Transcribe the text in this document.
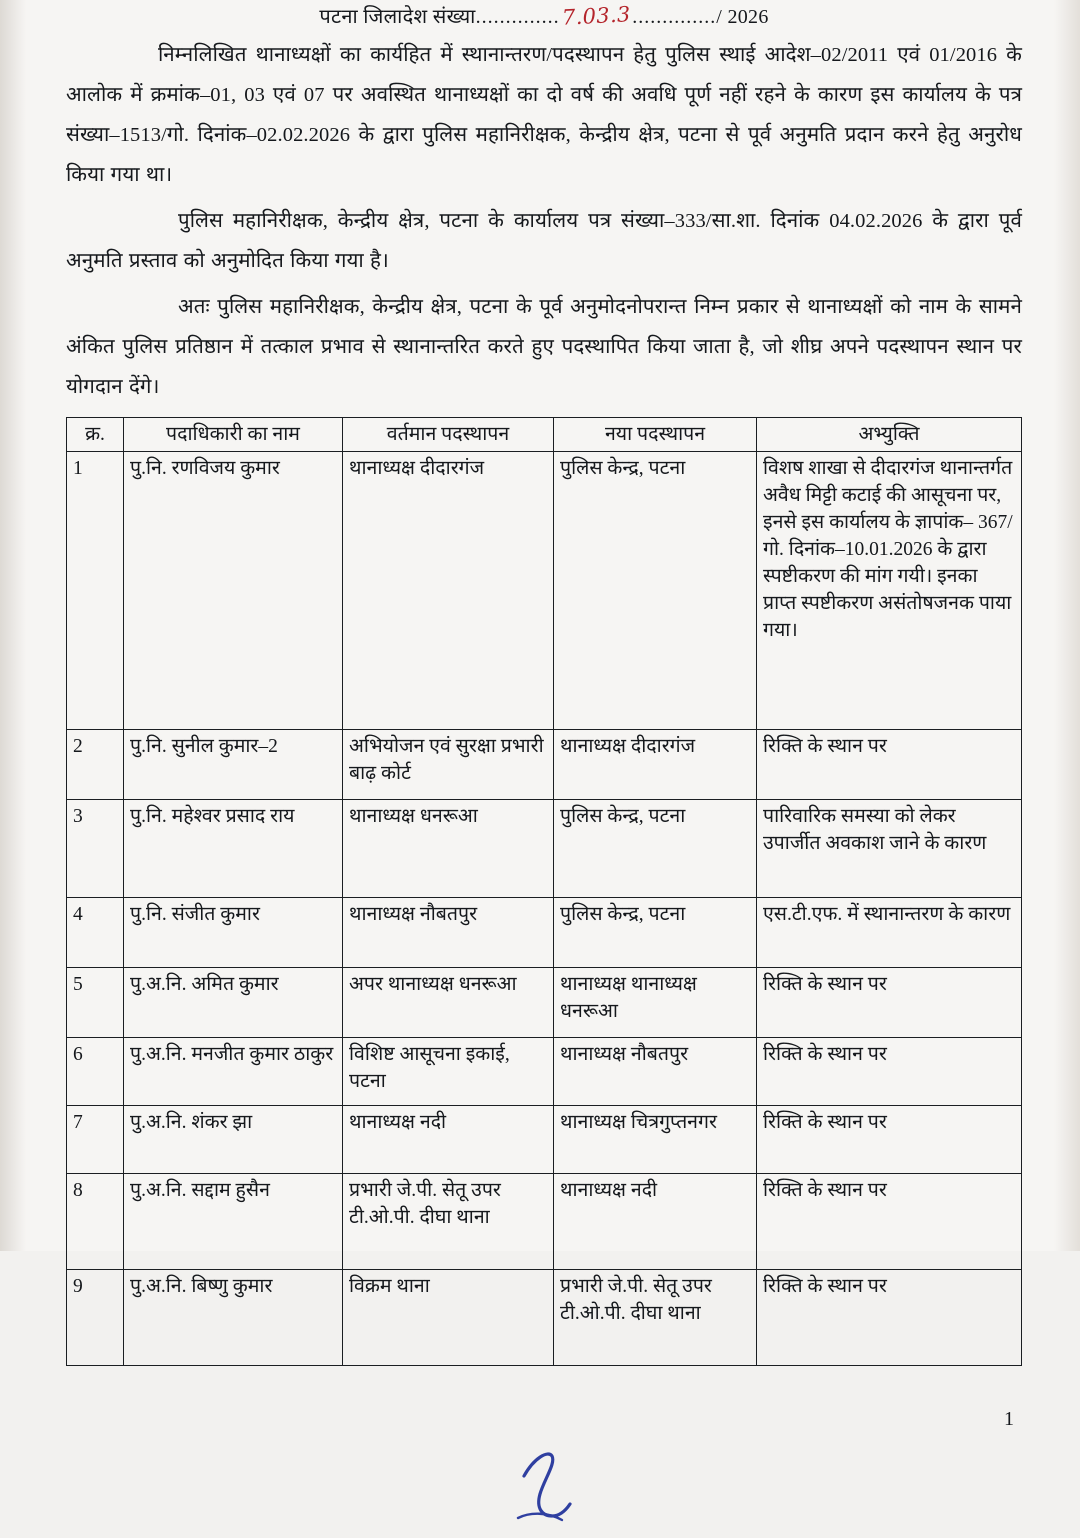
पटना जिलादेश संख्या..............7.03.3............../ 2026

निम्नलिखित थानाध्यक्षों का कार्यहित में स्थानान्तरण/पदस्थापन हेतु पुलिस स्थाई आदेश–02/2011 एवं 01/2016 के आलोक में क्रमांक–01, 03 एवं 07 पर अवस्थित थानाध्यक्षों का दो वर्ष की अवधि पूर्ण नहीं रहने के कारण इस कार्यालय के पत्र संख्या–1513/गो. दिनांक–02.02.2026 के द्वारा पुलिस महानिरीक्षक, केन्द्रीय क्षेत्र, पटना से पूर्व अनुमति प्रदान करने हेतु अनुरोध किया गया था।

पुलिस महानिरीक्षक, केन्द्रीय क्षेत्र, पटना के कार्यालय पत्र संख्या–333/सा.शा. दिनांक 04.02.2026 के द्वारा पूर्व अनुमति प्रस्ताव को अनुमोदित किया गया है।

अतः पुलिस महानिरीक्षक, केन्द्रीय क्षेत्र, पटना के पूर्व अनुमोदनोपरान्त निम्न प्रकार से थानाध्यक्षों को नाम के सामने अंकित पुलिस प्रतिष्ठान में तत्काल प्रभाव से स्थानान्तरित करते हुए पदस्थापित किया जाता है, जो शीघ्र अपने पदस्थापन स्थान पर योगदान देंगे।

क्र.	पदाधिकारी का नाम	वर्तमान पदस्थापन	नया पदस्थापन	अभ्युक्ति
1	पु.नि. रणविजय कुमार	थानाध्यक्ष दीदारगंज	पुलिस केन्द्र, पटना	विशष शाखा से दीदारगंज थानान्तर्गत अवैध मिट्टी कटाई की आसूचना पर, इनसे इस कार्यालय के ज्ञापांक– 367/गो. दिनांक–10.01.2026 के द्वारा स्पष्टीकरण की मांग गयी। इनका प्राप्त स्पष्टीकरण असंतोषजनक पाया गया।
2	पु.नि. सुनील कुमार–2	अभियोजन एवं सुरक्षा प्रभारी बाढ़ कोर्ट	थानाध्यक्ष दीदारगंज	रिक्ति के स्थान पर
3	पु.नि. महेश्वर प्रसाद राय	थानाध्यक्ष धनरूआ	पुलिस केन्द्र, पटना	पारिवारिक समस्या को लेकर उपार्जीत अवकाश जाने के कारण
4	पु.नि. संजीत कुमार	थानाध्यक्ष नौबतपुर	पुलिस केन्द्र, पटना	एस.टी.एफ. में स्थानान्तरण के कारण
5	पु.अ.नि. अमित कुमार	अपर थानाध्यक्ष धनरूआ	थानाध्यक्ष थानाध्यक्ष धनरूआ	रिक्ति के स्थान पर
6	पु.अ.नि. मनजीत कुमार ठाकुर	विशिष्ट आसूचना इकाई, पटना	थानाध्यक्ष नौबतपुर	रिक्ति के स्थान पर
7	पु.अ.नि. शंकर झा	थानाध्यक्ष नदी	थानाध्यक्ष चित्रगुप्तनगर	रिक्ति के स्थान पर
8	पु.अ.नि. सद्दाम हुसैन	प्रभारी जे.पी. सेतू उपर टी.ओ.पी. दीघा थाना	थानाध्यक्ष नदी	रिक्ति के स्थान पर
9	पु.अ.नि. बिष्णु कुमार	विक्रम थाना	प्रभारी जे.पी. सेतू उपर टी.ओ.पी. दीघा थाना	रिक्ति के स्थान पर
1
